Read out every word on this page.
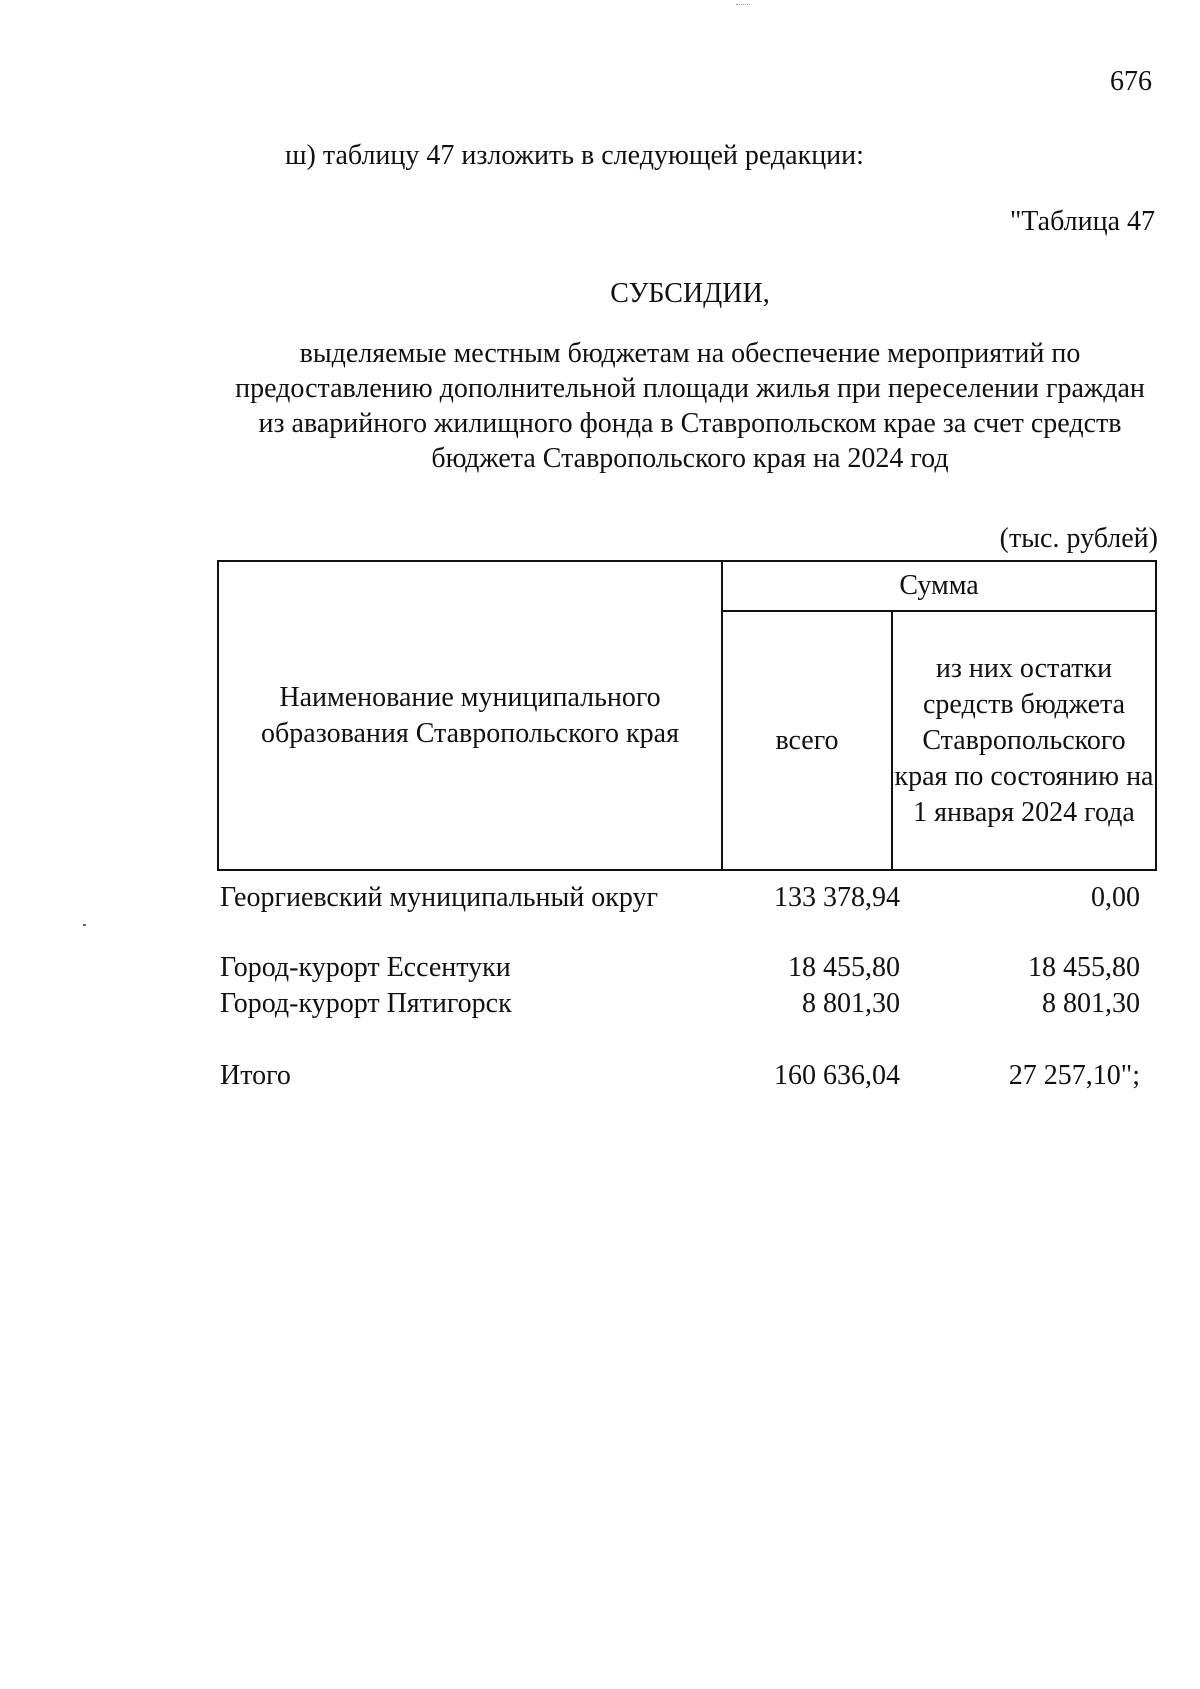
676
ш) таблицу 47 изложить в следующей редакции:
"Таблица 47
СУБСИДИИ,
выделяемые местным бюджетам на обеспечение мероприятий по
предоставлению дополнительной площади жилья при переселении граждан
из аварийного жилищного фонда в Ставропольском крае за счет средств
бюджета Ставропольского края на 2024 год
(тыс. рублей)
Наименование муниципального образования Ставропольского края	Сумма	
	всего	из них остатки средств бюджета Ставропольского края по состоянию на 1 января 2024 года
Георгиевский муниципальный округ	133 378,94	0,00
Город-курорт Ессентуки	18 455,80	18 455,80
Город-курорт Пятигорск	8 801,30	8 801,30
Итого	160 636,04	27 257,10";
